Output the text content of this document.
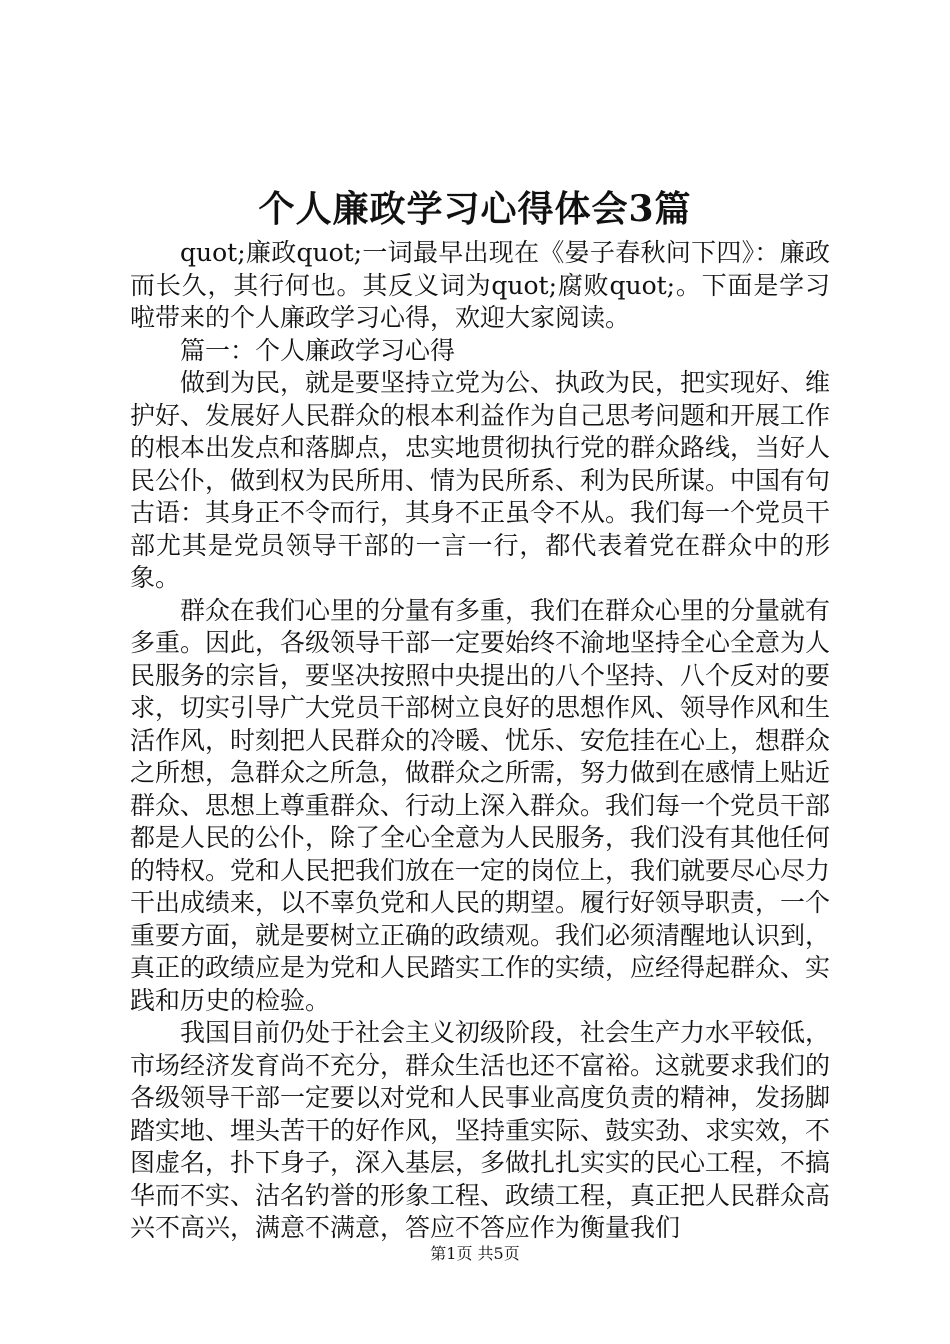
个人廉政学习心得体会3篇

quot;廉政quot;一词最早出现在《晏子春秋问下四》：廉政而长久，其行何也。其反义词为quot;腐败quot;。下面是学习啦带来的个人廉政学习心得，欢迎大家阅读。

篇一：个人廉政学习心得

做到为民，就是要坚持立党为公、执政为民，把实现好、维护好、发展好人民群众的根本利益作为自己思考问题和开展工作的根本出发点和落脚点，忠实地贯彻执行党的群众路线，当好人民公仆，做到权为民所用、情为民所系、利为民所谋。中国有句古语：其身正不令而行，其身不正虽令不从。我们每一个党员干部尤其是党员领导干部的一言一行，都代表着党在群众中的形象。

群众在我们心里的分量有多重，我们在群众心里的分量就有多重。因此，各级领导干部一定要始终不渝地坚持全心全意为人民服务的宗旨，要坚决按照中央提出的八个坚持、八个反对的要求，切实引导广大党员干部树立良好的思想作风、领导作风和生活作风，时刻把人民群众的冷暖、忧乐、安危挂在心上，想群众之所想，急群众之所急，做群众之所需，努力做到在感情上贴近群众、思想上尊重群众、行动上深入群众。我们每一个党员干部都是人民的公仆，除了全心全意为人民服务，我们没有其他任何的特权。党和人民把我们放在一定的岗位上，我们就要尽心尽力干出成绩来，以不辜负党和人民的期望。履行好领导职责，一个重要方面，就是要树立正确的政绩观。我们必须清醒地认识到，真正的政绩应是为党和人民踏实工作的实绩，应经得起群众、实践和历史的检验。

我国目前仍处于社会主义初级阶段，社会生产力水平较低，市场经济发育尚不充分，群众生活也还不富裕。这就要求我们的各级领导干部一定要以对党和人民事业高度负责的精神，发扬脚踏实地、埋头苦干的好作风，坚持重实际、鼓实劲、求实效，不图虚名，扑下身子，深入基层，多做扎扎实实的民心工程，不搞华而不实、沽名钓誉的形象工程、政绩工程，真正把人民群众高兴不高兴，满意不满意，答应不答应作为衡量我们

第1页 共5页
